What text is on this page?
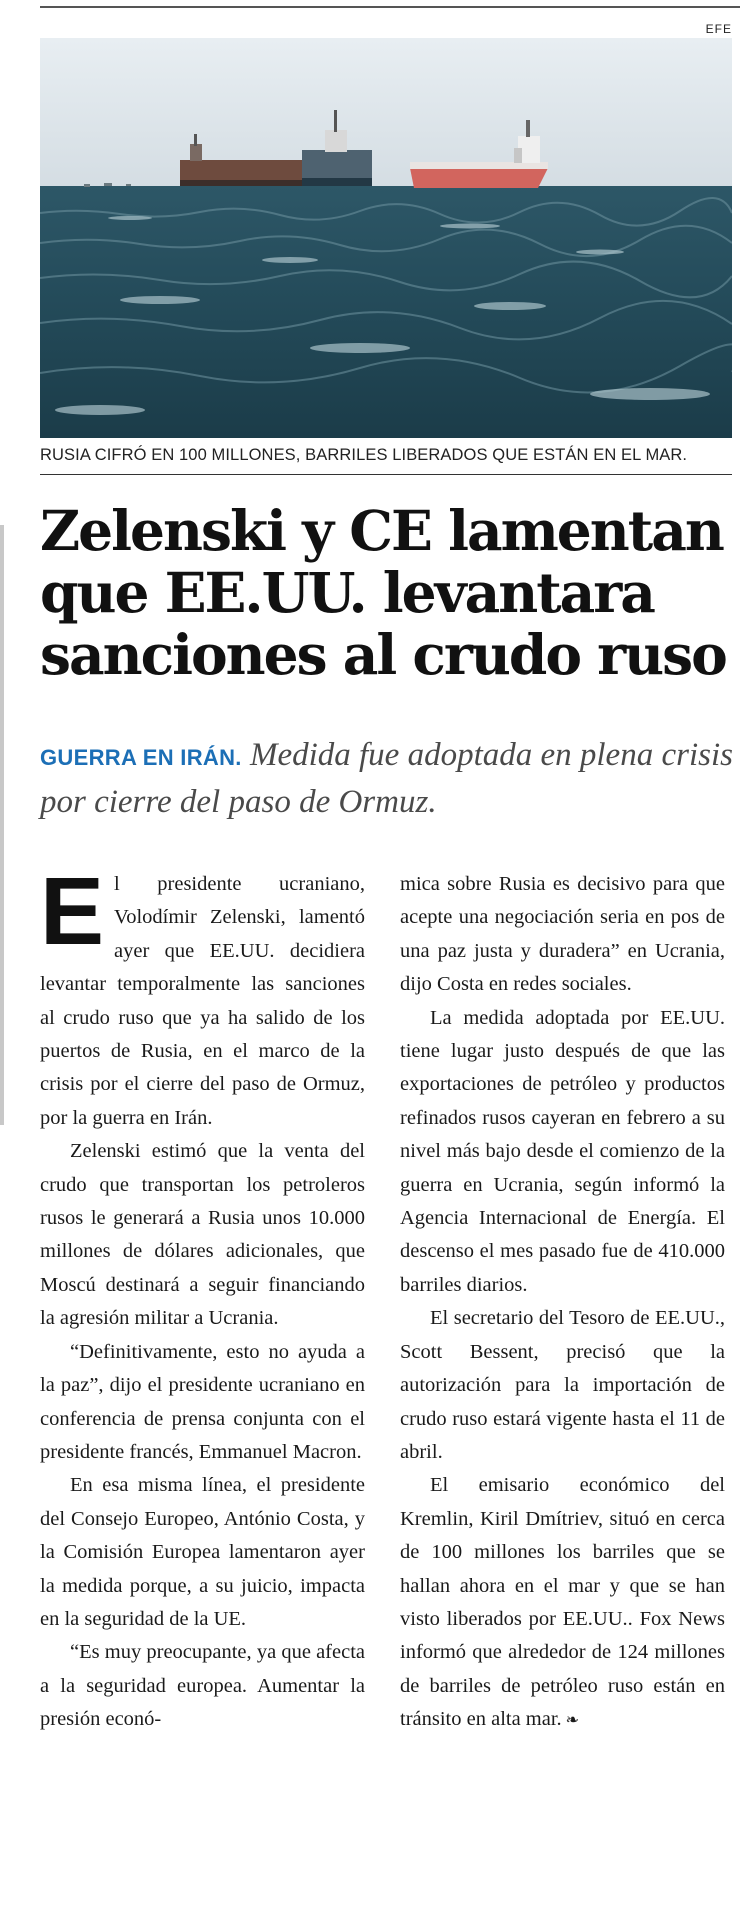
EFE
RUSIA CIFRÓ EN 100 MILLONES, BARRILES LIBERADOS QUE ESTÁN EN EL MAR.
Zelenski y CE lamentan
que EE.UU. levantara
sanciones al crudo ruso
GUERRA EN IRÁN. Medida fue adoptada en plena crisis por cierre del paso de Ormuz.
E l presidente ucraniano, Volodímir Zelenski, lamentó ayer que EE.UU. decidiera levantar temporalmente las sanciones al crudo ruso que ya ha salido de los puertos de Rusia, en el marco de la crisis por el cierre del paso de Ormuz, por la guerra en Irán.

Zelenski estimó que la venta del crudo que transportan los petroleros rusos le generará a Rusia unos 10.000 millones de dólares adicionales, que Moscú destinará a seguir financiando la agresión militar a Ucrania.

“Definitivamente, esto no ayuda a la paz”, dijo el presidente ucraniano en conferencia de prensa conjunta con el presidente francés, Emmanuel Macron.

En esa misma línea, el presidente del Consejo Europeo, António Costa, y la Comisión Europea lamentaron ayer la medida porque, a su juicio, impacta en la seguridad de la UE.

“Es muy preocupante, ya que afecta a la seguridad europea. Aumentar la presión econó-

mica sobre Rusia es decisivo para que acepte una negociación seria en pos de una paz justa y duradera” en Ucrania, dijo Costa en redes sociales.

La medida adoptada por EE.UU. tiene lugar justo después de que las exportaciones de petróleo y productos refinados rusos cayeran en febrero a su nivel más bajo desde el comienzo de la guerra en Ucrania, según informó la Agencia Internacional de Energía. El descenso el mes pasado fue de 410.000 barriles diarios.

El secretario del Tesoro de EE.UU., Scott Bessent, precisó que la autorización para la importación de crudo ruso estará vigente hasta el 11 de abril.

El emisario económico del Kremlin, Kiril Dmítriev, situó en cerca de 100 millones los barriles que se hallan ahora en el mar y que se han visto liberados por EE.UU.. Fox News informó que alrededor de 124 millones de barriles de petróleo ruso están en tránsito en alta mar. ❧
